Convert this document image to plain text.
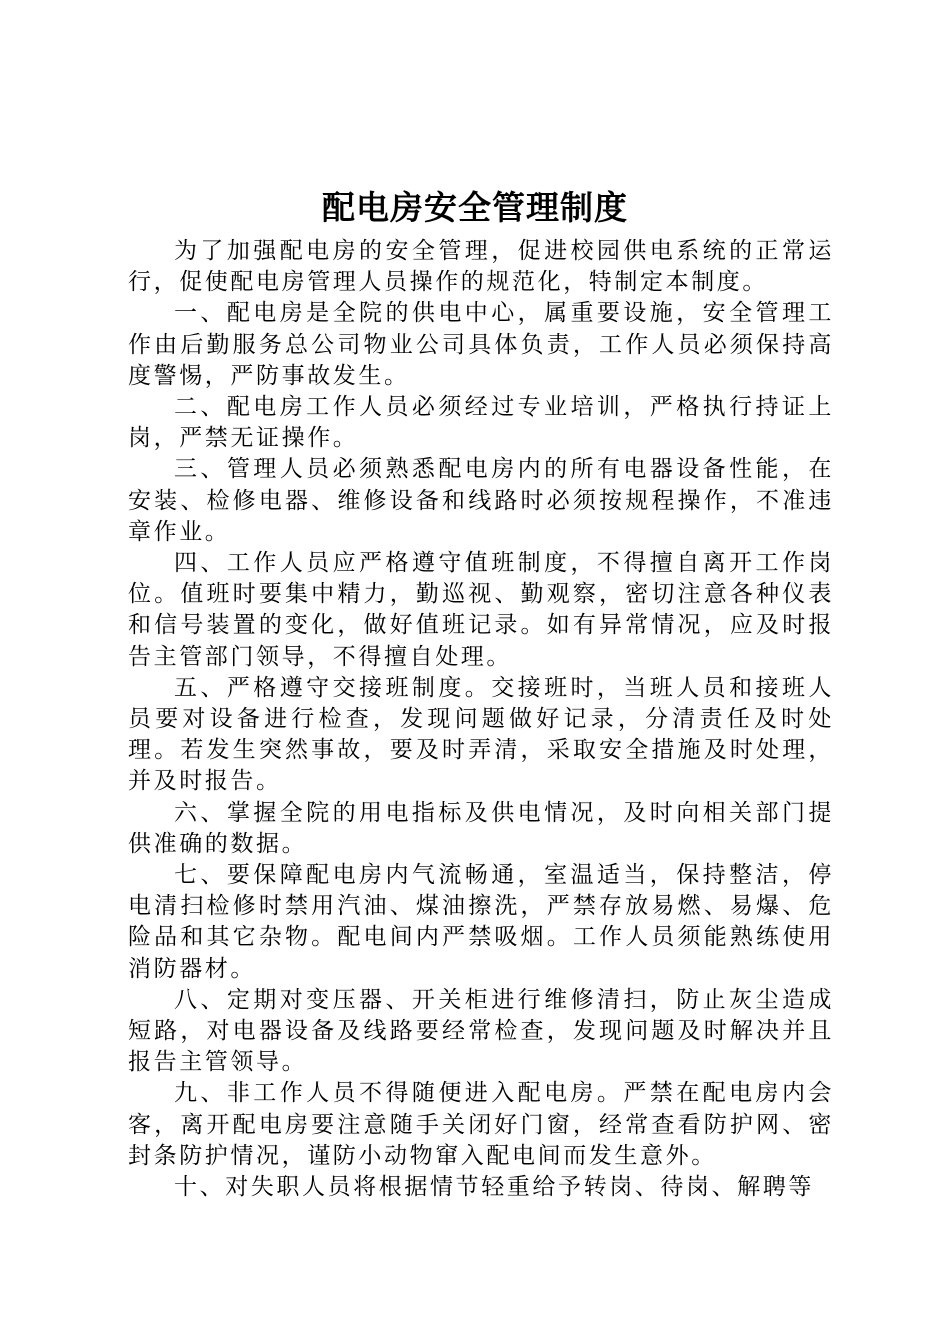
配电房安全管理制度

为了加强配电房的安全管理，促进校园供电系统的正常运行，促使配电房管理人员操作的规范化，特制定本制度。

一、配电房是全院的供电中心，属重要设施，安全管理工作由后勤服务总公司物业公司具体负责，工作人员必须保持高度警惕，严防事故发生。

二、配电房工作人员必须经过专业培训，严格执行持证上岗，严禁无证操作。

三、管理人员必须熟悉配电房内的所有电器设备性能，在安装、检修电器、维修设备和线路时必须按规程操作，不准违章作业。

四、工作人员应严格遵守值班制度，不得擅自离开工作岗位。值班时要集中精力，勤巡视、勤观察，密切注意各种仪表和信号装置的变化，做好值班记录。如有异常情况，应及时报告主管部门领导，不得擅自处理。

五、严格遵守交接班制度。交接班时，当班人员和接班人员要对设备进行检查，发现问题做好记录，分清责任及时处理。若发生突然事故，要及时弄清，采取安全措施及时处理，并及时报告。

六、掌握全院的用电指标及供电情况，及时向相关部门提供准确的数据。

七、要保障配电房内气流畅通，室温适当，保持整洁，停电清扫检修时禁用汽油、煤油擦洗，严禁存放易燃、易爆、危险品和其它杂物。配电间内严禁吸烟。工作人员须能熟练使用消防器材。

八、定期对变压器、开关柜进行维修清扫，防止灰尘造成短路，对电器设备及线路要经常检查，发现问题及时解决并且报告主管领导。

九、非工作人员不得随便进入配电房。严禁在配电房内会客，离开配电房要注意随手关闭好门窗，经常查看防护网、密封条防护情况，谨防小动物窜入配电间而发生意外。

十、对失职人员将根据情节轻重给予转岗、待岗、解聘等
